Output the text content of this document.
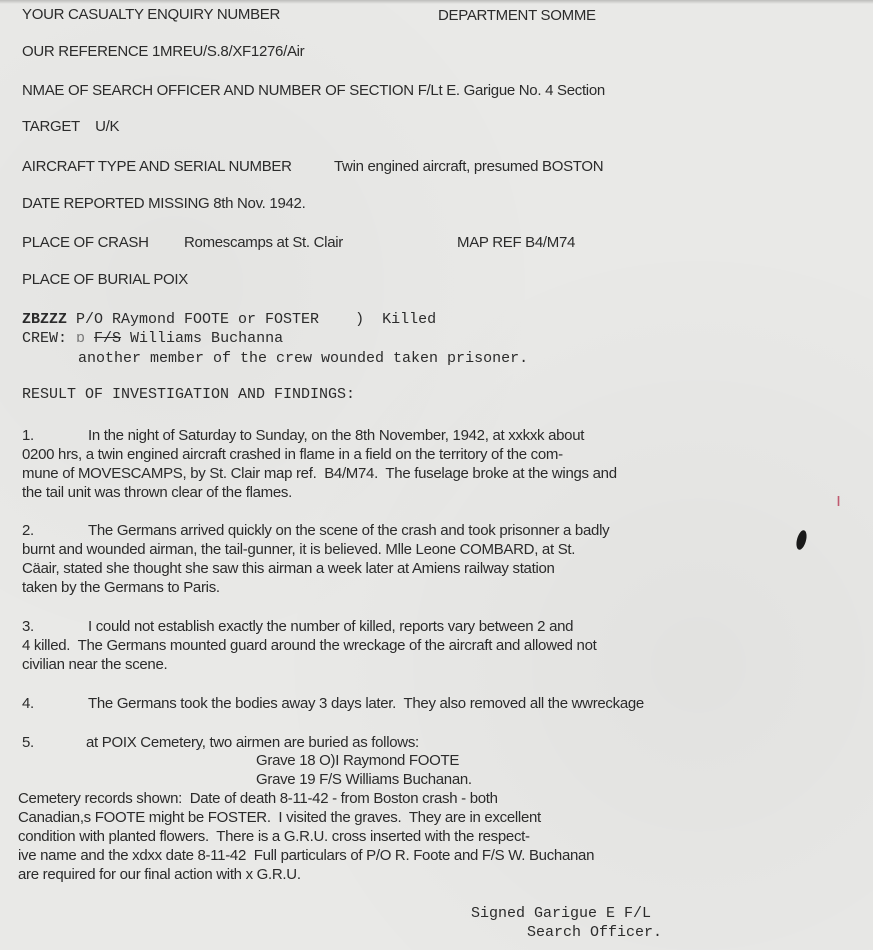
YOUR CASUALTY ENQUIRY NUMBER	DEPARTMENT SOMME
OUR REFERENCE 1MREU/S.8/XF1276/Air
NMAE OF SEARCH OFFICER AND NUMBER OF SECTION F/Lt E. Garigue No. 4 Section
TARGET    U/K
AIRCRAFT TYPE AND SERIAL NUMBER	Twin engined aircraft, presumed BOSTON
DATE REPORTED MISSING 8th Nov. 1942.
PLACE OF CRASH Romescamps at St. Clair	MAP REF B4/M74
PLACE OF BURIAL POIX
ZBZZZ P/O RAymond FOOTE or FOSTER    )  Killed
CREW: ɒ F/S Williams Buchanna
another member of the crew wounded taken prisoner.
RESULT OF INVESTIGATION AND FINDINGS:
1.	In the night of Saturday to Sunday, on the 8th November, 1942, at xxkxk about
0200 hrs, a twin engined aircraft crashed in flame in a field on the territory of the com-
mune of MOVESCAMPS, by St. Clair map ref.  B4/M74.  The fuselage broke at the wings and
the tail unit was thrown clear of the flames.
2.	The Germans arrived quickly on the scene of the crash and took prisonner a badly
burnt and wounded airman, the tail-gunner, it is believed. Mlle Leone COMBARD, at St.
Cäair, stated she thought she saw this airman a week later at Amiens railway station
taken by the Germans to Paris.
3.	I could not establish exactly the number of killed, reports vary between 2 and
4 killed.  The Germans mounted guard around the wreckage of the aircraft and allowed not
civilian near the scene.
4.	The Germans took the bodies away 3 days later.  They also removed all the wwreckage
5.	at POIX Cemetery, two airmen are buried as follows:
Grave 18 O)I Raymond FOOTE
Grave 19 F/S Williams Buchanan.
Cemetery records shown:  Date of death 8-11-42 - from Boston crash - both
Canadian,s FOOTE might be FOSTER.  I visited the graves.  They are in excellent
condition with planted flowers.  There is a G.R.U. cross inserted with the respect-
ive name and the xdxx date 8-11-42  Full particulars of P/O R. Foote and F/S W. Buchanan
are required for our final action with x G.R.U.
Signed Garigue E F/L
Search Officer.
ı
